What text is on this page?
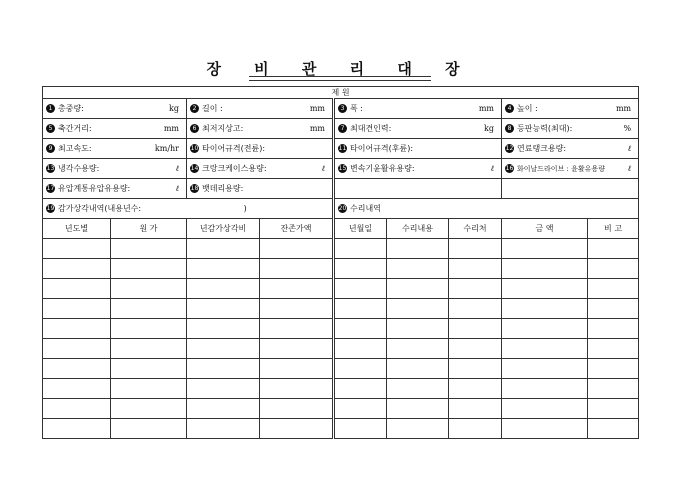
장 비 관 리 대 장
제 원								

1 총중량: kg		2 길이 : mm		3 폭 : mm			4 높이 : mm	

5 축간거리: mm		6 최저지상고: mm		7 최대견인력: kg			8 등판능력(최대): %	

9 최고속도: km/hr		10 타이어규격(전륜):		11 타이어규격(후륜):			12 연료탱크용량: ℓ	

13 냉각수용량: ℓ		14 크랑크케이스용량: ℓ		15 변속기윤활유용량: ℓ			16 화이날드라이브 : 윤활유용량 ℓ	

17 유압계통유압유용량: ℓ		18 뱃데리용량:						

19 감가상각내역(내용년수: )				20 수리내역				

년도별	원 가	년감가상각비	잔존가액	년월일	수리내용	수리처	금 액	비 고
